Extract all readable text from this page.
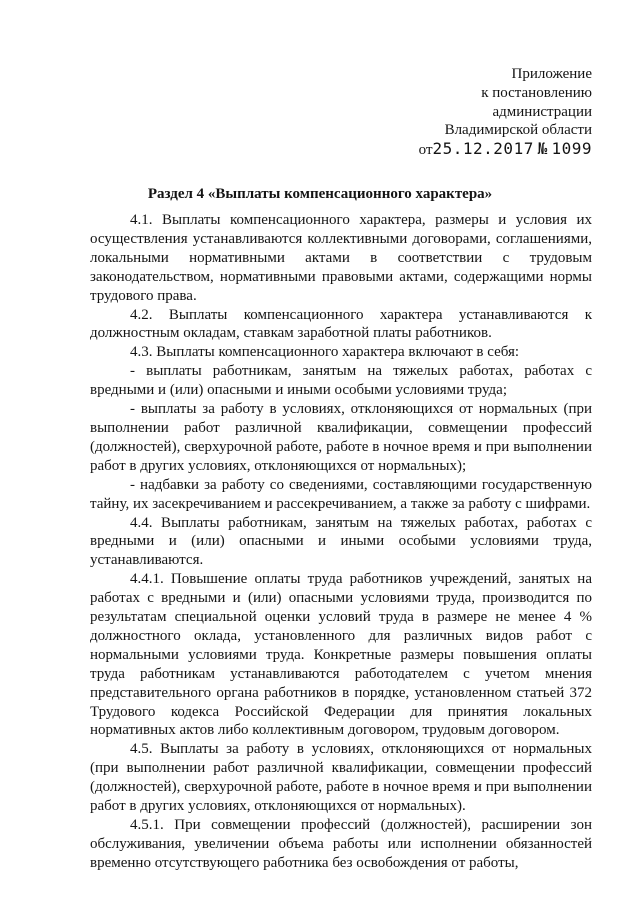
Приложение
к постановлению
администрации
Владимирской области
от25.12.2017 № 1099
Раздел 4 «Выплаты компенсационного характера»

4.1. Выплаты компенсационного характера, размеры и условия их осуществления устанавливаются коллективными договорами, соглашениями, локальными нормативными актами в соответствии с трудовым законодательством, нормативными правовыми актами, содержащими нормы трудового права.

4.2. Выплаты компенсационного характера устанавливаются к должностным окладам, ставкам заработной платы работников.

4.3. Выплаты компенсационного характера включают в себя:

- выплаты работникам, занятым на тяжелых работах, работах с вредными и (или) опасными и иными особыми условиями труда;

- выплаты за работу в условиях, отклоняющихся от нормальных (при выполнении работ различной квалификации, совмещении профессий (должностей), сверхурочной работе, работе в ночное время и при выполнении работ в других условиях, отклоняющихся от нормальных);

- надбавки за работу со сведениями, составляющими государственную тайну, их засекречиванием и рассекречиванием, а также за работу с шифрами.

4.4. Выплаты работникам, занятым на тяжелых работах, работах с вредными и (или) опасными и иными особыми условиями труда, устанавливаются.

4.4.1. Повышение оплаты труда работников учреждений, занятых на работах с вредными и (или) опасными условиями труда, производится по результатам специальной оценки условий труда в размере не менее 4 % должностного оклада, установленного для различных видов работ с нормальными условиями труда. Конкретные размеры повышения оплаты труда работникам устанавливаются работодателем с учетом мнения представительного органа работников в порядке, установленном статьей 372 Трудового кодекса Российской Федерации для принятия локальных нормативных актов либо коллективным договором, трудовым договором.

4.5. Выплаты за работу в условиях, отклоняющихся от нормальных (при выполнении работ различной квалификации, совмещении профессий (должностей), сверхурочной работе, работе в ночное время и при выполнении работ в других условиях, отклоняющихся от нормальных).

4.5.1. При совмещении профессий (должностей), расширении зон обслуживания, увеличении объема работы или исполнении обязанностей временно отсутствующего работника без освобождения от работы,
